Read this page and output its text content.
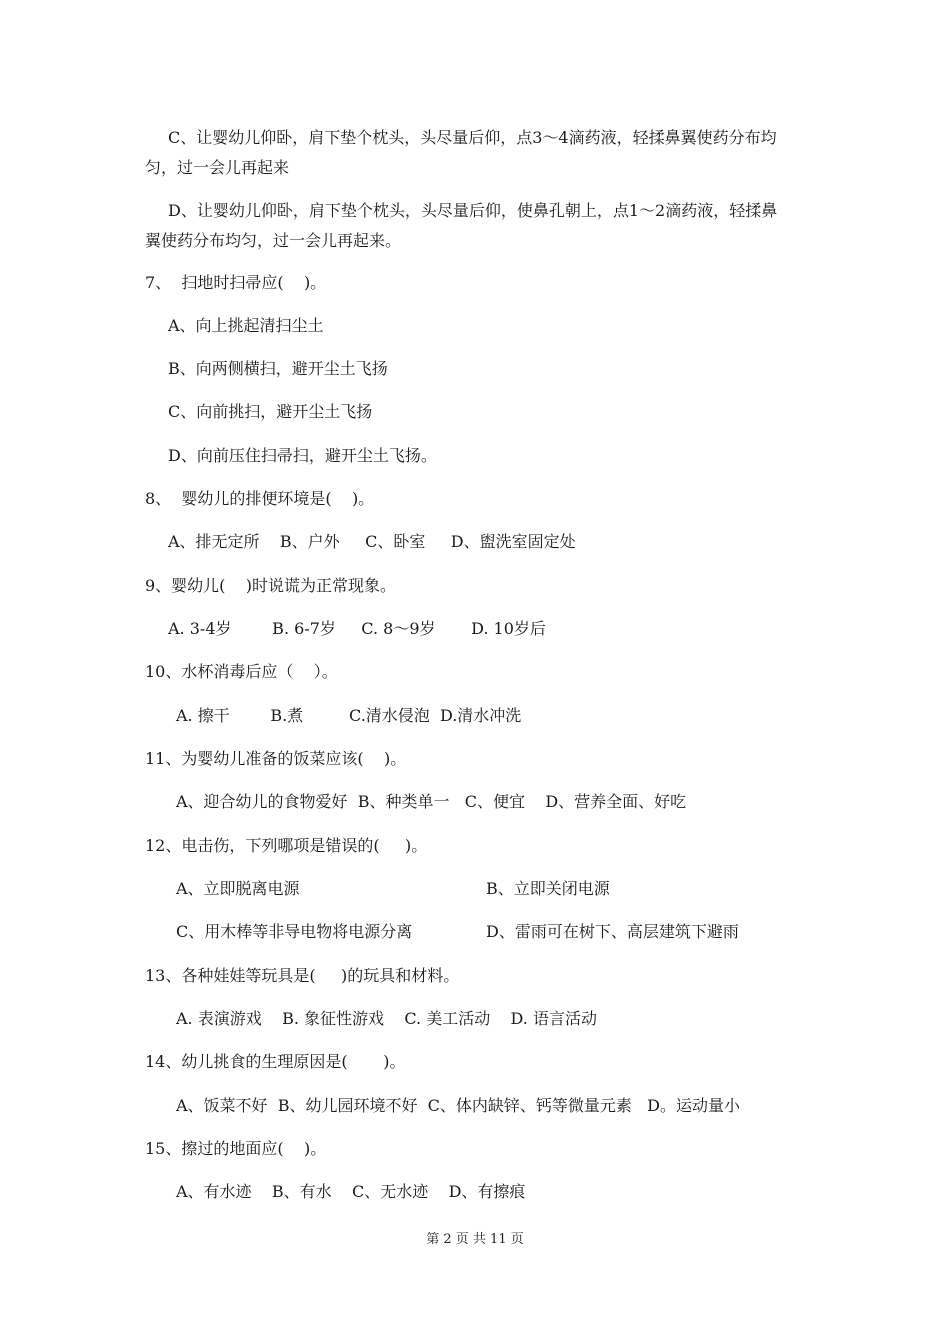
C、让婴幼儿仰卧，肩下垫个枕头，头尽量后仰，点3～4滴药液，轻揉鼻翼使药分布均
匀，过一会儿再起来
D、让婴幼儿仰卧，肩下垫个枕头，头尽量后仰，使鼻孔朝上，点1～2滴药液，轻揉鼻
翼使药分布均匀，过一会儿再起来。
7、  扫地时扫帚应(    )。
A、向上挑起清扫尘土
B、向两侧横扫，避开尘土飞扬
C、向前挑扫，避开尘土飞扬
D、向前压住扫帚扫，避开尘土飞扬。
8、  婴幼儿的排便环境是(    )。
A、排无定所    B、户外     C、卧室     D、盥洗室固定处
9、婴幼儿(    )时说谎为正常现象。
A. 3-4岁        B. 6-7岁     C. 8～9岁       D. 10岁后
10、水杯消毒后应（    ）。
A. 擦干        B.煮         C.清水侵泡  D.清水冲洗
11、为婴幼儿准备的饭菜应该(    )。
A、迎合幼儿的食物爱好  B、种类单一   C、便宜    D、营养全面、好吃
12、电击伤，下列哪项是错误的(     )。
A、立即脱离电源	B、立即关闭电源
C、用木棒等非导电物将电源分离	D、雷雨可在树下、高层建筑下避雨
13、各种娃娃等玩具是(     )的玩具和材料。
A. 表演游戏    B. 象征性游戏    C. 美工活动    D. 语言活动
14、幼儿挑食的生理原因是(       )。
A、饭菜不好  B、幼儿园环境不好  C、体内缺锌、钙等微量元素   D。运动量小
15、擦过的地面应(    )。
A、有水迹    B、有水    C、无水迹    D、有擦痕
第 2 页 共 11 页
